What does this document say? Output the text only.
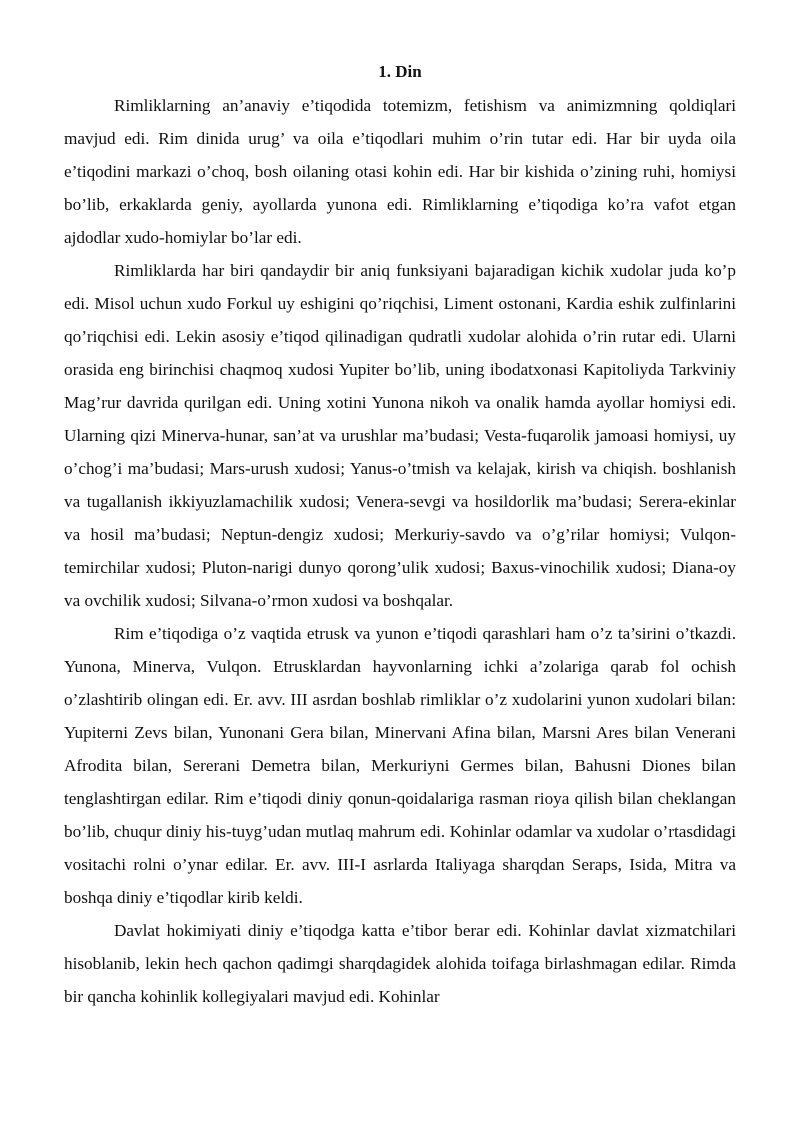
1. Din

Rimliklarning an’anaviy e’tiqodida totemizm, fetishism va animizmning qoldiqlari mavjud edi. Rim dinida urug’ va oila e’tiqodlari muhim o’rin tutar edi. Har bir uyda oila e’tiqodini markazi o’choq, bosh oilaning otasi kohin edi. Har bir kishida o’zining ruhi, homiysi bo’lib, erkaklarda geniy, ayollarda yunona edi. Rimliklarning e’tiqodiga ko’ra vafot etgan ajdodlar xudo-homiylar bo’lar edi.

Rimliklarda har biri qandaydir bir aniq funksiyani bajaradigan kichik xudolar juda ko’p edi. Misol uchun xudo Forkul uy eshigini qo’riqchisi, Liment ostonani, Kardia eshik zulfinlarini qo’riqchisi edi. Lekin asosiy e’tiqod qilinadigan qudratli xudolar alohida o’rin rutar edi. Ularni orasida eng birinchisi chaqmoq xudosi Yupiter bo’lib, uning ibodatxonasi Kapitoliyda Tarkviniy Mag’rur davrida qurilgan edi. Uning xotini Yunona nikoh va onalik hamda ayollar homiysi edi. Ularning qizi Minerva-hunar, san’at va urushlar ma’budasi; Vesta-fuqarolik jamoasi homiysi, uy o’chog’i ma’budasi; Mars-urush xudosi; Yanus-o’tmish va kelajak, kirish va chiqish. boshlanish va tugallanish ikkiyuzlamachilik xudosi; Venera-sevgi va hosildorlik ma’budasi; Serera-ekinlar va hosil ma’budasi; Neptun-dengiz xudosi; Merkuriy-savdo va o’g’rilar homiysi; Vulqon-temirchilar xudosi; Pluton-narigi dunyo qorong’ulik xudosi; Baxus-vinochilik xudosi; Diana-oy va ovchilik xudosi; Silvana-o’rmon xudosi va boshqalar.

Rim e’tiqodiga o’z vaqtida etrusk va yunon e’tiqodi qarashlari ham o’z ta’sirini o’tkazdi. Yunona, Minerva, Vulqon. Etrusklardan hayvonlarning ichki a’zolariga qarab fol ochish o’zlashtirib olingan edi. Er. avv. III asrdan boshlab rimliklar o’z xudolarini yunon xudolari bilan: Yupiterni Zevs bilan, Yunonani Gera bilan, Minervani Afina bilan, Marsni Ares bilan Venerani Afrodita bilan, Sererani Demetra bilan, Merkuriyni Germes bilan, Bahusni Diones bilan tenglashtirgan edilar. Rim e’tiqodi diniy qonun-qoidalariga rasman rioya qilish bilan cheklangan bo’lib, chuqur diniy his-tuyg’udan mutlaq mahrum edi. Kohinlar odamlar va xudolar o’rtasdidagi vositachi rolni o’ynar edilar. Er. avv. III-I asrlarda Italiyaga sharqdan Seraps, Isida, Mitra va boshqa diniy e’tiqodlar kirib keldi.

Davlat hokimiyati diniy e’tiqodga katta e’tibor berar edi. Kohinlar davlat xizmatchilari hisoblanib, lekin hech qachon qadimgi sharqdagidek alohida toifaga birlashmagan edilar. Rimda bir qancha kohinlik kollegiyalari mavjud edi. Kohinlar
